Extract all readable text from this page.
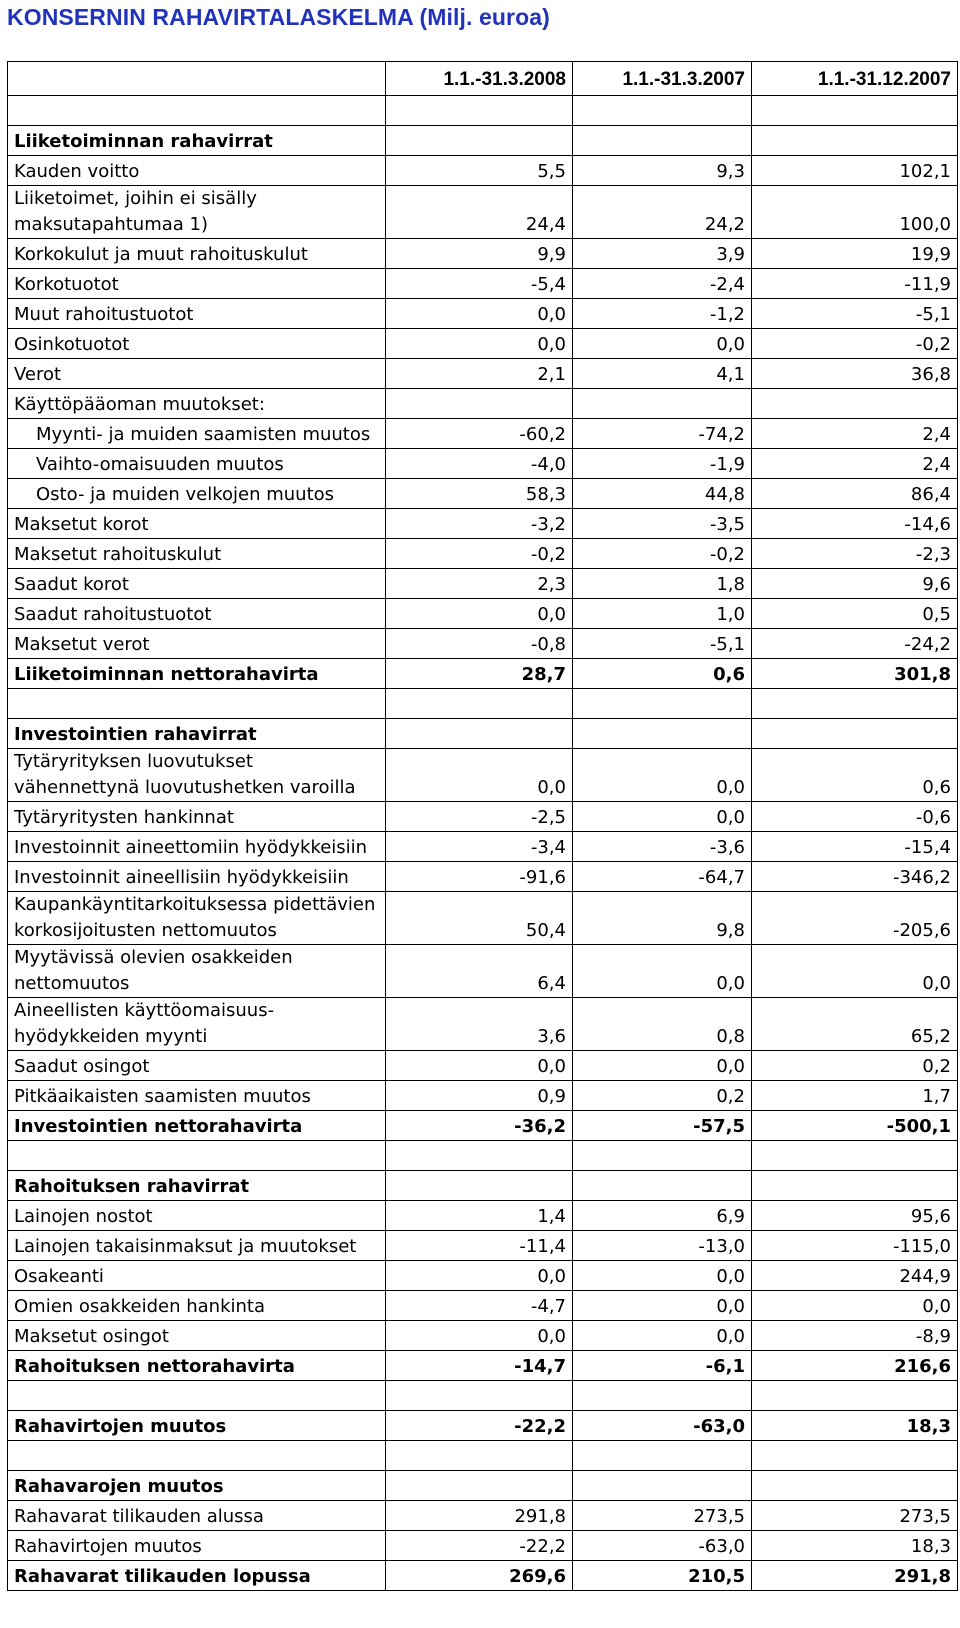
KONSERNIN RAHAVIRTALASKELMA (Milj. euroa)
	1.1.-31.3.2008	1.1.-31.3.2007	1.1.-31.12.2007

Liiketoiminnan rahavirrat			
Kauden voitto	5,5	9,3	102,1
Liiketoimet, joihin ei sisälly maksutapahtumaa 1)	24,4	24,2	100,0
Korkokulut ja muut rahoituskulut	9,9	3,9	19,9
Korkotuotot	-5,4	-2,4	-11,9
Muut rahoitustuotot	0,0	-1,2	-5,1
Osinkotuotot	0,0	0,0	-0,2
Verot	2,1	4,1	36,8
Käyttöpääoman muutokset:			
Myynti- ja muiden saamisten muutos	-60,2	-74,2	2,4
Vaihto-omaisuuden muutos	-4,0	-1,9	2,4
Osto- ja muiden velkojen muutos	58,3	44,8	86,4
Maksetut korot	-3,2	-3,5	-14,6
Maksetut rahoituskulut	-0,2	-0,2	-2,3
Saadut korot	2,3	1,8	9,6
Saadut rahoitustuotot	0,0	1,0	0,5
Maksetut verot	-0,8	-5,1	-24,2
Liiketoiminnan nettorahavirta	28,7	0,6	301,8

Investointien rahavirrat			
Tytäryrityksen luovutukset vähennettynä luovutushetken varoilla	0,0	0,0	0,6
Tytäryritysten hankinnat	-2,5	0,0	-0,6
Investoinnit aineettomiin hyödykkeisiin	-3,4	-3,6	-15,4
Investoinnit aineellisiin hyödykkeisiin	-91,6	-64,7	-346,2
Kaupankäyntitarkoituksessa pidettävien korkosijoitusten nettomuutos	50,4	9,8	-205,6
Myytävissä olevien osakkeiden nettomuutos	6,4	0,0	0,0
Aineellisten käyttöomaisuus- hyödykkeiden myynti	3,6	0,8	65,2
Saadut osingot	0,0	0,0	0,2
Pitkäaikaisten saamisten muutos	0,9	0,2	1,7
Investointien nettorahavirta	-36,2	-57,5	-500,1

Rahoituksen rahavirrat			
Lainojen nostot	1,4	6,9	95,6
Lainojen takaisinmaksut ja muutokset	-11,4	-13,0	-115,0
Osakeanti	0,0	0,0	244,9
Omien osakkeiden hankinta	-4,7	0,0	0,0
Maksetut osingot	0,0	0,0	-8,9
Rahoituksen nettorahavirta	-14,7	-6,1	216,6

Rahavirtojen muutos	-22,2	-63,0	18,3

Rahavarojen muutos			
Rahavarat tilikauden alussa	291,8	273,5	273,5
Rahavirtojen muutos	-22,2	-63,0	18,3
Rahavarat tilikauden lopussa	269,6	210,5	291,8
